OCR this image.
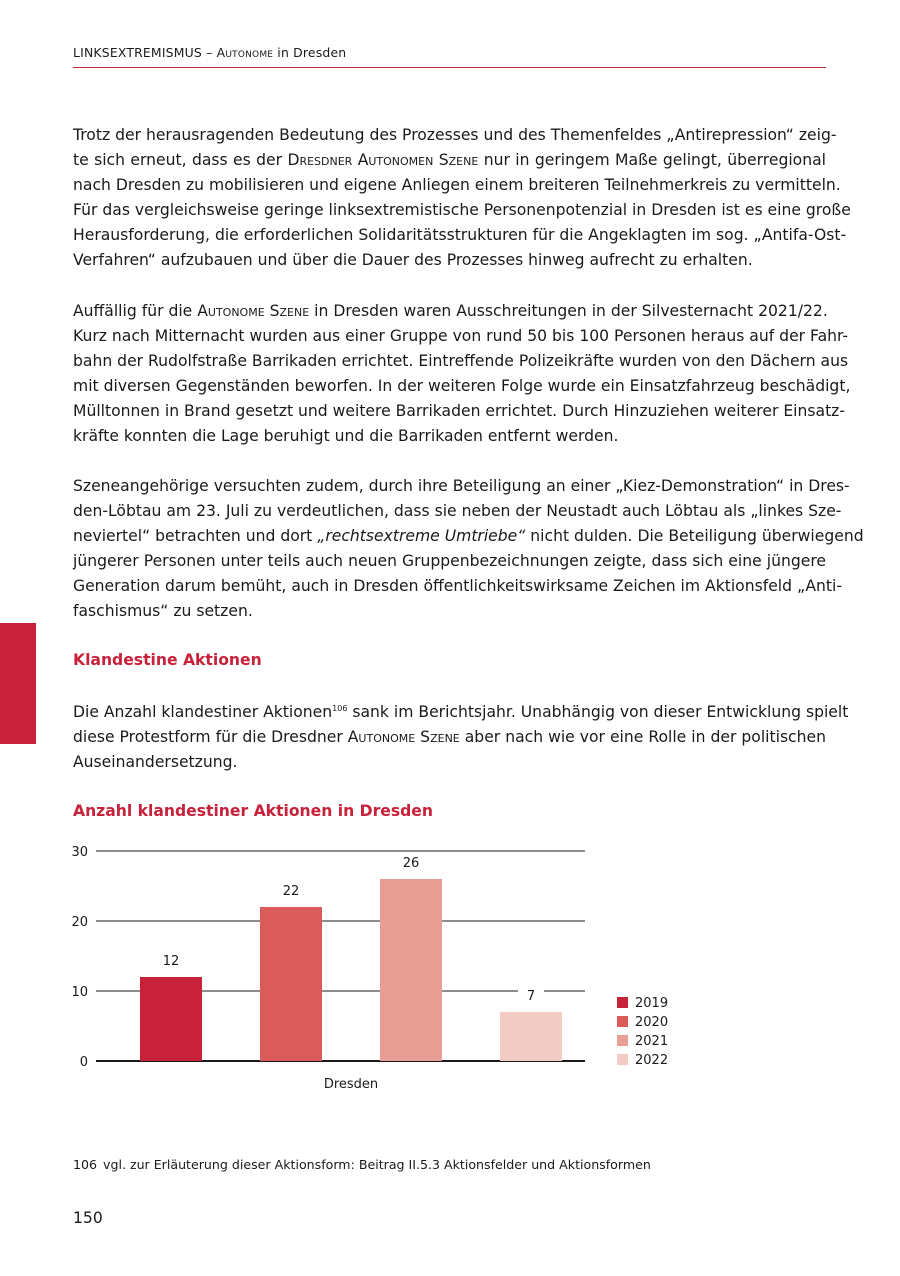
LINKSEXTREMISMUS – Autonome in Dresden
Trotz der herausragenden Bedeutung des Prozesses und des Themenfeldes „Antirepression“ zeig-
te sich erneut, dass es der Dresdner Autonomen Szene nur in geringem Maße gelingt, überregional
nach Dresden zu mobilisieren und eigene Anliegen einem breiteren Teilnehmerkreis zu vermitteln.
Für das vergleichsweise geringe linksextremistische Personenpotenzial in Dresden ist es eine große
Herausforderung, die erforderlichen Solidaritätsstrukturen für die Angeklagten im sog. „Antifa-Ost-
Verfahren“ aufzubauen und über die Dauer des Prozesses hinweg aufrecht zu erhalten.
Auffällig für die Autonome Szene in Dresden waren Ausschreitungen in der Silvesternacht 2021/22.
Kurz nach Mitternacht wurden aus einer Gruppe von rund 50 bis 100 Personen heraus auf der Fahr-
bahn der Rudolfstraße Barrikaden errichtet. Eintreffende Polizeikräfte wurden von den Dächern aus
mit diversen Gegenständen beworfen. In der weiteren Folge wurde ein Einsatzfahrzeug beschädigt,
Mülltonnen in Brand gesetzt und weitere Barrikaden errichtet. Durch Hinzuziehen weiterer Einsatz-
kräfte konnten die Lage beruhigt und die Barrikaden entfernt werden.
Szeneangehörige versuchten zudem, durch ihre Beteiligung an einer „Kiez-Demonstration“ in Dres-
den-Löbtau am 23. Juli zu verdeutlichen, dass sie neben der Neustadt auch Löbtau als „linkes Sze-
neviertel“ betrachten und dort „rechtsextreme Umtriebe“ nicht dulden. Die Beteiligung überwiegend
jüngerer Personen unter teils auch neuen Gruppenbezeichnungen zeigte, dass sich eine jüngere
Generation darum bemüht, auch in Dresden öffentlichkeitswirksame Zeichen im Aktionsfeld „Anti-
faschismus“ zu setzen.
Klandestine Aktionen
Die Anzahl klandestiner Aktionen$^{106}$ sank im Berichtsjahr. Unabhängig von dieser Entwicklung spielt
diese Protestform für die Dresdner Autonome Szene aber nach wie vor eine Rolle in der politischen
Auseinandersetzung.
Anzahl klandestiner Aktionen in Dresden
0
10
20
30
12
22
26
7
Dresden
2019
2020
2021
2022
106 vgl. zur Erläuterung dieser Aktionsform: Beitrag II.5.3 Aktionsfelder und Aktionsformen
150
